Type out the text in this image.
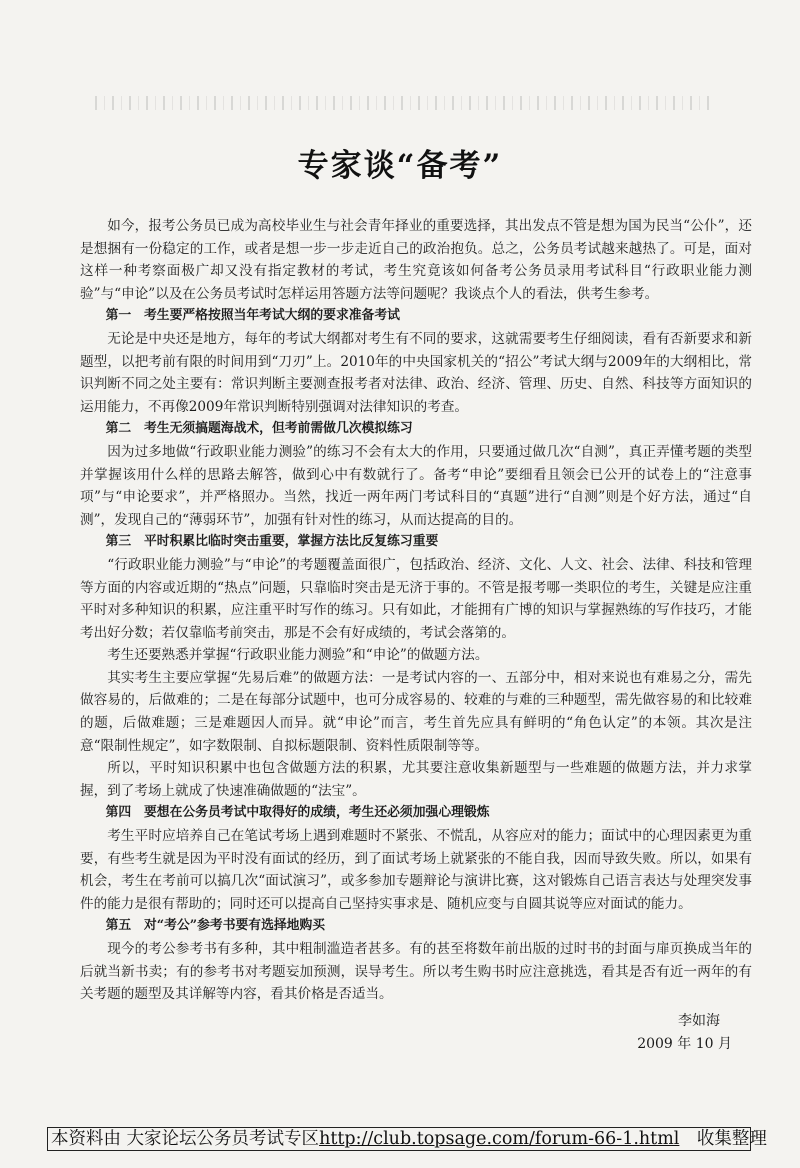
专家谈“备考”

如今，报考公务员已成为高校毕业生与社会青年择业的重要选择，其出发点不管是想为国为民当“公仆”，还是想捆有一份稳定的工作，或者是想一步一步走近自己的政治抱负。总之，公务员考试越来越热了。可是，面对这样一种考察面极广却又没有指定教材的考试，考生究竟该如何备考公务员录用考试科目“行政职业能力测验”与“申论”以及在公务员考试时怎样运用答题方法等问题呢？我谈点个人的看法，供考生参考。

第一　考生要严格按照当年考试大纲的要求准备考试

无论是中央还是地方，每年的考试大纲都对考生有不同的要求，这就需要考生仔细阅读，看有否新要求和新题型，以把考前有限的时间用到“刀刃”上。2010年的中央国家机关的“招公”考试大纲与2009年的大纲相比，常识判断不同之处主要有：常识判断主要测查报考者对法律、政治、经济、管理、历史、自然、科技等方面知识的运用能力，不再像2009年常识判断特别强调对法律知识的考查。

第二　考生无须搞题海战术，但考前需做几次模拟练习

因为过多地做“行政职业能力测验”的练习不会有太大的作用，只要通过做几次“自测”，真正弄懂考题的类型并掌握该用什么样的思路去解答，做到心中有数就行了。备考“申论”要细看且领会已公开的试卷上的“注意事项”与“申论要求”，并严格照办。当然，找近一两年两门考试科目的“真题”进行“自测”则是个好方法，通过“自测”，发现自己的“薄弱环节”，加强有针对性的练习，从而达提高的目的。

第三　平时积累比临时突击重要，掌握方法比反复练习重要

“行政职业能力测验”与“申论”的考题覆盖面很广，包括政治、经济、文化、人文、社会、法律、科技和管理等方面的内容或近期的“热点”问题，只靠临时突击是无济于事的。不管是报考哪一类职位的考生，关键是应注重平时对多种知识的积累，应注重平时写作的练习。只有如此，才能拥有广博的知识与掌握熟练的写作技巧，才能考出好分数；若仅靠临考前突击，那是不会有好成绩的，考试会落第的。

考生还要熟悉并掌握“行政职业能力测验”和“申论”的做题方法。

其实考生主要应掌握“先易后难”的做题方法：一是考试内容的一、五部分中，相对来说也有难易之分，需先做容易的，后做难的；二是在每部分试题中，也可分成容易的、较难的与难的三种题型，需先做容易的和比较难的题，后做难题；三是难题因人而异。就“申论”而言，考生首先应具有鲜明的“角色认定”的本领。其次是注意“限制性规定”，如字数限制、自拟标题限制、资料性质限制等等。

所以，平时知识积累中也包含做题方法的积累，尤其要注意收集新题型与一些难题的做题方法，并力求掌握，到了考场上就成了快速准确做题的“法宝”。

第四　要想在公务员考试中取得好的成绩，考生还必须加强心理锻炼

考生平时应培养自己在笔试考场上遇到难题时不紧张、不慌乱，从容应对的能力；面试中的心理因素更为重要，有些考生就是因为平时没有面试的经历，到了面试考场上就紧张的不能自我，因而导致失败。所以，如果有机会，考生在考前可以搞几次“面试演习”，或多参加专题辩论与演讲比赛，这对锻炼自己语言表达与处理突发事件的能力是很有帮助的；同时还可以提高自己坚持实事求是、随机应变与自圆其说等应对面试的能力。

第五　对“考公”参考书要有选择地购买

现今的考公参考书有多种，其中粗制滥造者甚多。有的甚至将数年前出版的过时书的封面与扉页换成当年的后就当新书卖；有的参考书对考题妄加预测，误导考生。所以考生购书时应注意挑选，看其是否有近一两年的有关考题的题型及其详解等内容，看其价格是否适当。

李如海
2009 年 10 月
本资料由 大家论坛公务员考试专区http://club.topsage.com/forum-66-1.html　收集整理
